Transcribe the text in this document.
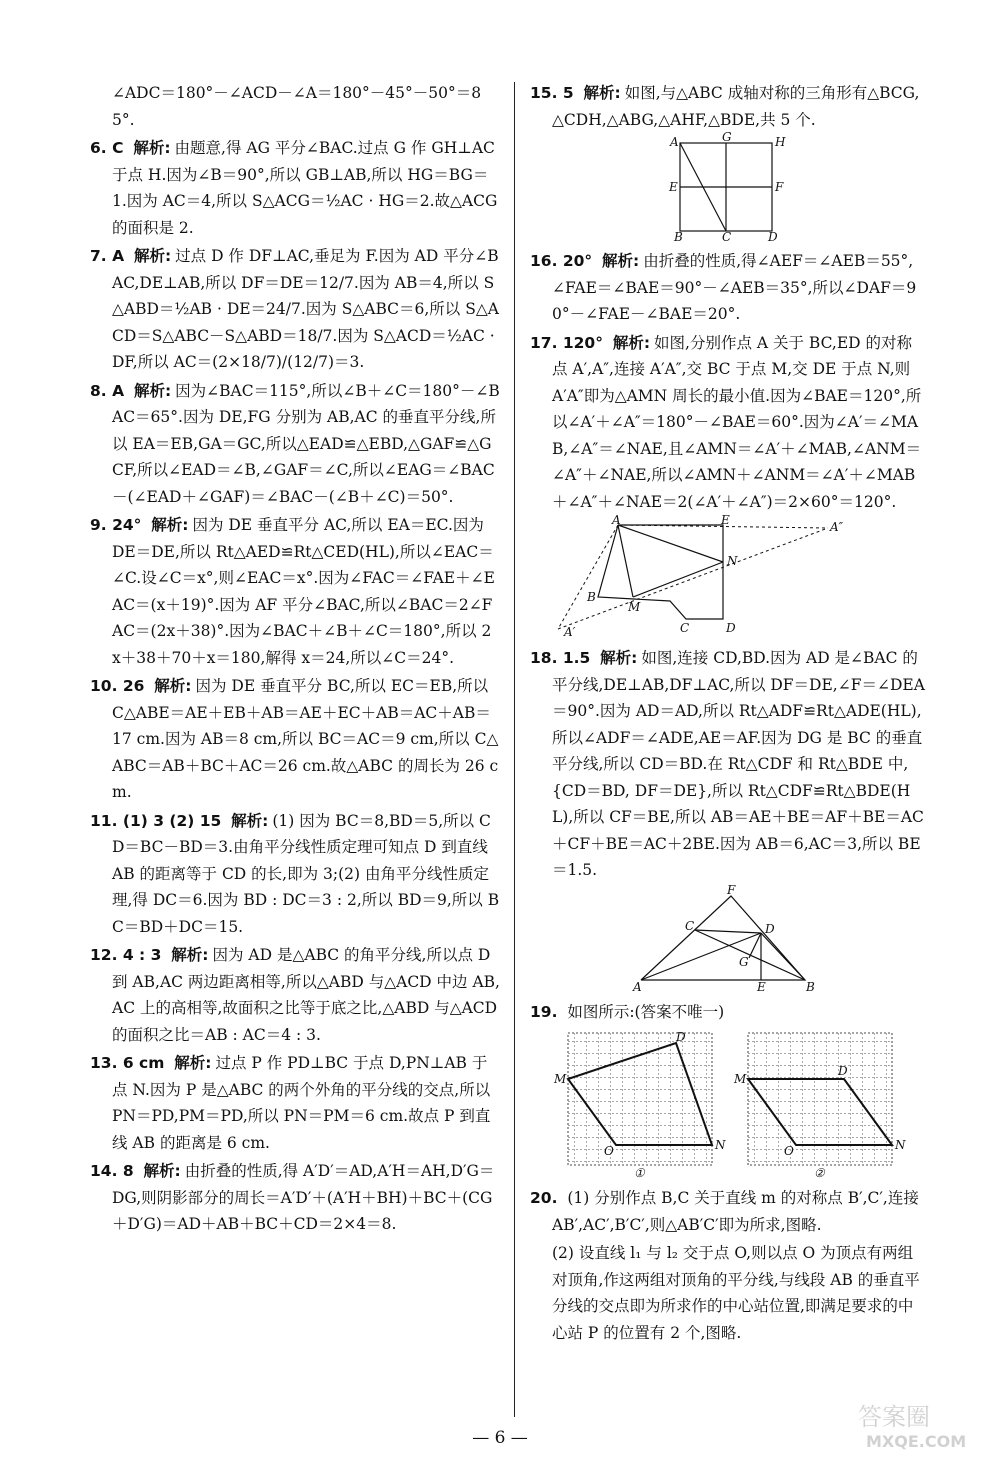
∠ADC＝180°－∠ACD－∠A＝180°－45°－50°＝85°.

6. C 解析: 由题意,得 AG 平分∠BAC.过点 G 作 GH⊥AC 于点 H.因为∠B＝90°,所以 GB⊥AB,所以 HG＝BG＝1.因为 AC＝4,所以 S△ACG＝½AC · HG＝2.故△ACG 的面积是 2.

7. A 解析: 过点 D 作 DF⊥AC,垂足为 F.因为 AD 平分∠BAC,DE⊥AB,所以 DF＝DE＝12/7.因为 AB＝4,所以 S△ABD＝½AB · DE＝24/7.因为 S△ABC＝6,所以 S△ACD＝S△ABC－S△ABD＝18/7.因为 S△ACD＝½AC · DF,所以 AC＝(2×18/7)/(12/7)＝3.

8. A 解析: 因为∠BAC＝115°,所以∠B＋∠C＝180°－∠BAC＝65°.因为 DE,FG 分别为 AB,AC 的垂直平分线,所以 EA＝EB,GA＝GC,所以△EAD≌△EBD,△GAF≌△GCF,所以∠EAD＝∠B,∠GAF＝∠C,所以∠EAG＝∠BAC－(∠EAD＋∠GAF)＝∠BAC－(∠B＋∠C)＝50°.

9. 24° 解析: 因为 DE 垂直平分 AC,所以 EA＝EC.因为 DE＝DE,所以 Rt△AED≌Rt△CED(HL),所以∠EAC＝∠C.设∠C＝x°,则∠EAC＝x°.因为∠FAC＝∠FAE＋∠EAC＝(x＋19)°.因为 AF 平分∠BAC,所以∠BAC＝2∠FAC＝(2x＋38)°.因为∠BAC＋∠B＋∠C＝180°,所以 2x＋38＋70＋x＝180,解得 x＝24,所以∠C＝24°.

10. 26 解析: 因为 DE 垂直平分 BC,所以 EC＝EB,所以 C△ABE＝AE＋EB＋AB＝AE＋EC＋AB＝AC＋AB＝17 cm.因为 AB＝8 cm,所以 BC＝AC＝9 cm,所以 C△ABC＝AB＋BC＋AC＝26 cm.故△ABC 的周长为 26 cm.

11. (1) 3 (2) 15 解析: (1) 因为 BC＝8,BD＝5,所以 CD＝BC－BD＝3.由角平分线性质定理可知点 D 到直线 AB 的距离等于 CD 的长,即为 3;(2) 由角平分线性质定理,得 DC＝6.因为 BD : DC＝3 : 2,所以 BD＝9,所以 BC＝BD＋DC＝15.

12. 4 : 3 解析: 因为 AD 是△ABC 的角平分线,所以点 D 到 AB,AC 两边距离相等,所以△ABD 与△ACD 中边 AB,AC 上的高相等,故面积之比等于底之比,△ABD 与△ACD 的面积之比＝AB : AC＝4 : 3.

13. 6 cm 解析: 过点 P 作 PD⊥BC 于点 D,PN⊥AB 于点 N.因为 P 是△ABC 的两个外角的平分线的交点,所以 PN＝PD,PM＝PD,所以 PN＝PM＝6 cm.故点 P 到直线 AB 的距离是 6 cm.

14. 8 解析: 由折叠的性质,得 A′D′＝AD,A′H＝AH,D′G＝DG,则阴影部分的周长＝A′D′＋(A′H＋BH)＋BC＋(CG＋D′G)＝AD＋AB＋BC＋CD＝2×4＝8.

15. 5 解析: 如图,与△ABC 成轴对称的三角形有△BCG,△CDH,△ABG,△AHF,△BDE,共 5 个.

A	G	H
E	F
B	C	D

16. 20° 解析: 由折叠的性质,得∠AEF＝∠AEB＝55°,∠FAE＝∠BAE＝90°－∠AEB＝35°,所以∠DAF＝90°－∠FAE－∠BAE＝20°.

17. 120° 解析: 如图,分别作点 A 关于 BC,ED 的对称点 A′,A″,连接 A′A″,交 BC 于点 M,交 DE 于点 N,则 A′A″即为△AMN 周长的最小值.因为∠BAE＝120°,所以∠A′＋∠A″＝180°－∠BAE＝60°.因为∠A′＝∠MAB,∠A″＝∠NAE,且∠AMN＝∠A′＋∠MAB,∠ANM＝∠A″＋∠NAE,所以∠AMN＋∠ANM＝∠A′＋∠MAB＋∠A″＋∠NAE＝2(∠A′＋∠A″)＝2×60°＝120°.

A	E	A″
N
B
M
A′	C	D

18. 1.5 解析: 如图,连接 CD,BD.因为 AD 是∠BAC 的平分线,DE⊥AB,DF⊥AC,所以 DF＝DE,∠F＝∠DEA＝90°.因为 AD＝AD,所以 Rt△ADF≌Rt△ADE(HL),所以∠ADF＝∠ADE,AE＝AF.因为 DG 是 BC 的垂直平分线,所以 CD＝BD.在 Rt△CDF 和 Rt△BDE 中,{CD＝BD, DF＝DE},所以 Rt△CDF≌Rt△BDE(HL),所以 CF＝BE,所以 AB＝AE＋BE＝AF＋BE＝AC＋CF＋BE＝AC＋2BE.因为 AB＝6,AC＝3,所以 BE＝1.5.

F
C	D
G
A	E	B

19. 如图所示:(答案不唯一)

M
D
O	N
①
M
D
O	N
②

20. (1) 分别作点 B,C 关于直线 m 的对称点 B′,C′,连接 AB′,AC′,B′C′,则△AB′C′即为所求,图略.

(2) 设直线 l₁ 与 l₂ 交于点 O,则以点 O 为顶点有两组对顶角,作这两组对顶角的平分线,与线段 AB 的垂直平分线的交点即为所求作的中心站位置,即满足要求的中心站 P 的位置有 2 个,图略.

— 6 —
答案圈
MXQE.COM
